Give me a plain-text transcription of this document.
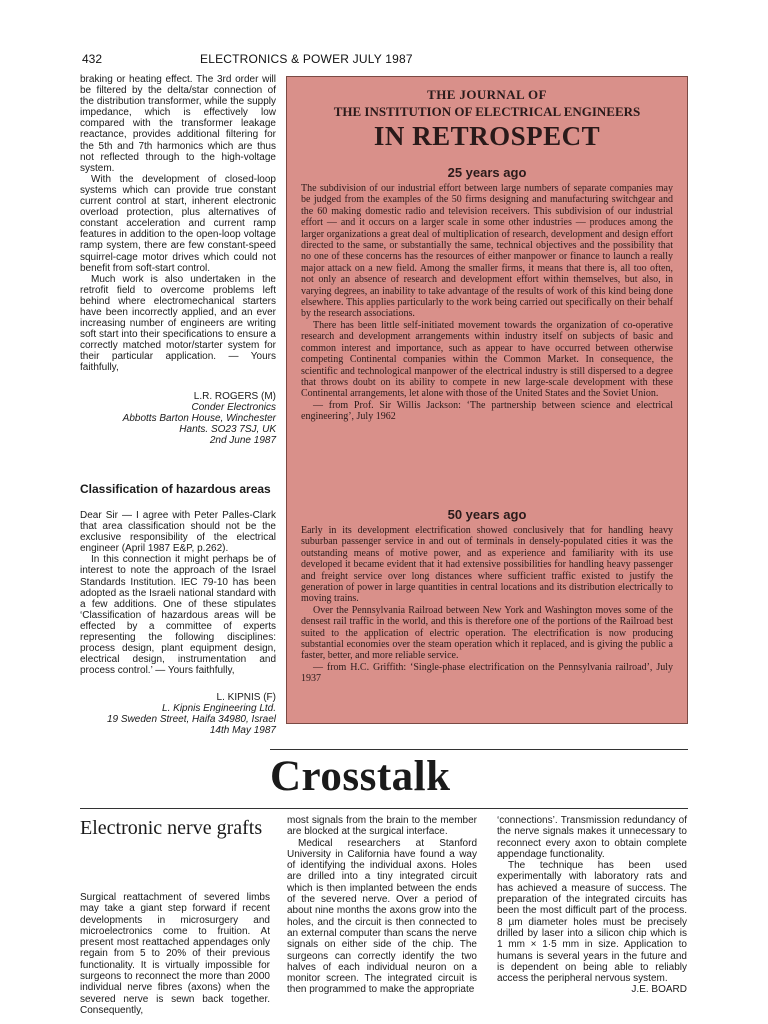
432	ELECTRONICS & POWER JULY 1987

braking or heating effect. The 3rd order will be filtered by the delta/star connection of the distribution transformer, while the supply impedance, which is effectively low compared with the transformer leakage reactance, provides additional filtering for the 5th and 7th harmonics which are thus not reflected through to the high-voltage system.

With the development of closed-loop systems which can provide true constant current control at start, inherent electronic overload protection, plus alternatives of constant acceleration and current ramp features in addition to the open-loop voltage ramp system, there are few constant-speed squirrel-cage motor drives which could not benefit from soft-start control.

Much work is also undertaken in the retrofit field to overcome problems left behind where electromechanical starters have been incorrectly applied, and an ever increasing number of engineers are writing soft start into their specifications to ensure a correctly matched motor/starter system for their particular application. — Yours faithfully,

L.R. ROGERS (M)
Conder Electronics
Abbotts Barton House, Winchester
Hants. SO23 7SJ, UK
2nd June 1987
Classification of hazardous areas

Dear Sir — I agree with Peter Palles-Clark that area classification should not be the exclusive responsibility of the electrical engineer (April 1987 E&P, p.262).

In this connection it might perhaps be of interest to note the approach of the Israel Standards Institution. IEC 79-10 has been adopted as the Israeli national standard with a few additions. One of these stipulates ‘Classification of hazardous areas will be effected by a committee of experts representing the following disciplines: process design, plant equipment design, electrical design, instrumentation and process control.’ — Yours faithfully,

L. KIPNIS (F)
L. Kipnis Engineering Ltd.
19 Sweden Street, Haifa 34980, Israel
14th May 1987
THE JOURNAL OF
THE INSTITUTION OF ELECTRICAL ENGINEERS
IN RETROSPECT
25 years ago

The subdivision of our industrial effort between large numbers of separate companies may be judged from the examples of the 50 firms designing and manufacturing switchgear and the 60 making domestic radio and television receivers. This subdivision of our industrial effort — and it occurs on a larger scale in some other industries — produces among the larger organizations a great deal of multiplication of research, development and design effort directed to the same, or substantially the same, technical objectives and the possibility that no one of these concerns has the resources of either manpower or finance to launch a really major attack on a new field. Among the smaller firms, it means that there is, all too often, not only an absence of research and development effort within themselves, but also, in varying degrees, an inability to take advantage of the results of work of this kind being done elsewhere. This applies particularly to the work being carried out specifically on their behalf by the research associations.

There has been little self-initiated movement towards the organization of co-operative research and development arrangements within industry itself on subjects of basic and common interest and importance, such as appear to have occurred between otherwise competing Continental companies within the Common Market. In consequence, the scientific and technological manpower of the electrical industry is still dispersed to a degree that throws doubt on its ability to compete in new large-scale development with these Continental arrangements, let alone with those of the United States and the Soviet Union.

— from Prof. Sir Willis Jackson: ‘The partnership between science and electrical engineering’, July 1962

50 years ago

Early in its development electrification showed conclusively that for handling heavy suburban passenger service in and out of terminals in densely-populated cities it was the outstanding means of motive power, and as experience and familiarity with its use developed it became evident that it had extensive possibilities for handling heavy passenger and freight service over long distances where sufficient traffic existed to justify the generation of power in large quantities in central locations and its distribution electrically to moving trains.

Over the Pennsylvania Railroad between New York and Washington moves some of the densest rail traffic in the world, and this is therefore one of the portions of the Railroad best suited to the application of electric operation. The electrification is now producing substantial economies over the steam operation which it replaced, and is giving the public a faster, better, and more reliable service.

— from H.C. Griffith: ‘Single-phase electrification on the Pennsylvania railroad’, July 1937

Crosstalk
Electronic nerve grafts

Surgical reattachment of severed limbs may take a giant step forward if recent developments in microsurgery and microelectronics come to fruition. At present most reattached appendages only regain from 5 to 20% of their previous functionality. It is virtually impossible for surgeons to reconnect the more than 2000 individual nerve fibres (axons) when the severed nerve is sewn back together. Consequently,

most signals from the brain to the member are blocked at the surgical interface.

Medical researchers at Stanford University in California have found a way of identifying the individual axons. Holes are drilled into a tiny integrated circuit which is then implanted between the ends of the severed nerve. Over a period of about nine months the axons grow into the holes, and the circuit is then connected to an external computer than scans the nerve signals on either side of the chip. The surgeons can correctly identify the two halves of each individual neuron on a monitor screen. The integrated circuit is then programmed to make the appropriate

‘connections’. Transmission redundancy of the nerve signals makes it unnecessary to reconnect every axon to obtain complete appendage functionality.

The technique has been used experimentally with laboratory rats and has achieved a measure of success. The preparation of the integrated circuits has been the most difficult part of the process. 8 µm diameter holes must be precisely drilled by laser into a silicon chip which is 1 mm × 1·5 mm in size. Application to humans is several years in the future and is dependent on being able to reliably access the peripheral nervous system.

J.E. BOARD
